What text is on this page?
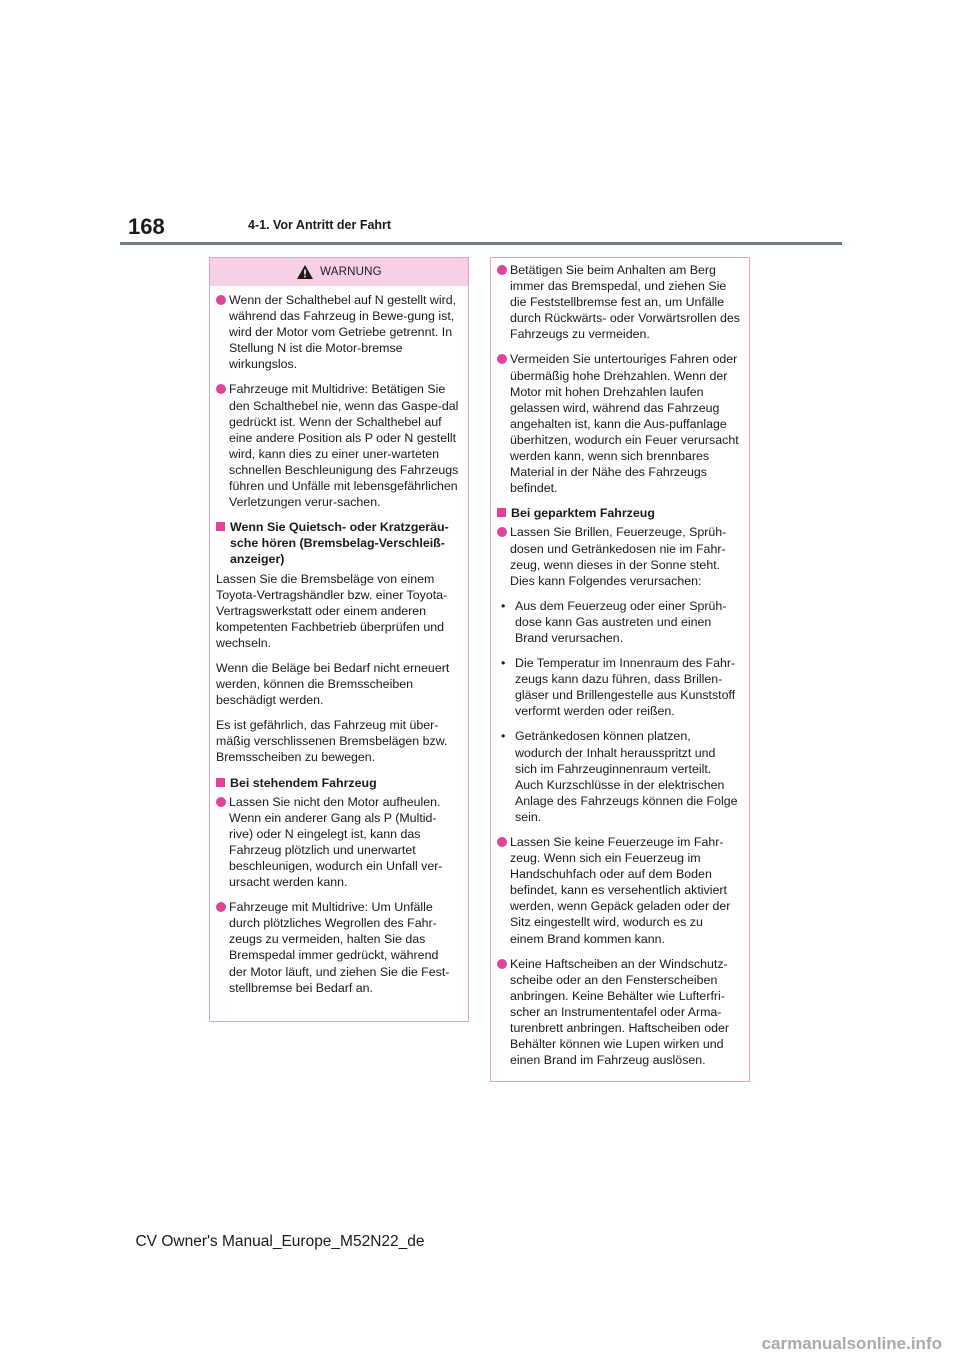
168	4-1. Vor Antritt der Fahrt
WARNUNG
Wenn der Schalthebel auf N gestellt wird, während das Fahrzeug in Bewe-gung ist, wird der Motor vom Getriebe getrennt. In Stellung N ist die Motor-bremse wirkungslos.
Fahrzeuge mit Multidrive: Betätigen Sie den Schalthebel nie, wenn das Gaspe-dal gedrückt ist. Wenn der Schalthebel auf eine andere Position als P oder N gestellt wird, kann dies zu einer uner-warteten schnellen Beschleunigung des Fahrzeugs führen und Unfälle mit lebensgefährlichen Verletzungen verur-sachen.
Wenn Sie Quietsch- oder Kratzgeräu-sche hören (Bremsbelag-Verschleiß-anzeiger)
Lassen Sie die Bremsbeläge von einem Toyota-Vertragshändler bzw. einer Toyota-Vertragswerkstatt oder einem anderen kompetenten Fachbetrieb überprüfen und wechseln.
Wenn die Beläge bei Bedarf nicht erneuert werden, können die Bremsscheiben beschädigt werden.
Es ist gefährlich, das Fahrzeug mit über-mäßig verschlissenen Bremsbelägen bzw. Bremsscheiben zu bewegen.
Bei stehendem Fahrzeug
Lassen Sie nicht den Motor aufheulen. Wenn ein anderer Gang als P (Multid-rive) oder N eingelegt ist, kann das Fahrzeug plötzlich und unerwartet beschleunigen, wodurch ein Unfall ver-ursacht werden kann.
Fahrzeuge mit Multidrive: Um Unfälle durch plötzliches Wegrollen des Fahr-zeugs zu vermeiden, halten Sie das Bremspedal immer gedrückt, während der Motor läuft, und ziehen Sie die Fest-stellbremse bei Bedarf an.
Betätigen Sie beim Anhalten am Berg immer das Bremspedal, und ziehen Sie die Feststellbremse fest an, um Unfälle durch Rückwärts- oder Vorwärtsrollen des Fahrzeugs zu vermeiden.
Vermeiden Sie untertouriges Fahren oder übermäßig hohe Drehzahlen. Wenn der Motor mit hohen Drehzahlen laufen gelassen wird, während das Fahrzeug angehalten ist, kann die Aus-puffanlage überhitzen, wodurch ein Feuer verursacht werden kann, wenn sich brennbares Material in der Nähe des Fahrzeugs befindet.
Bei geparktem Fahrzeug
Lassen Sie Brillen, Feuerzeuge, Sprüh-dosen und Getränkedosen nie im Fahr-zeug, wenn dieses in der Sonne steht. Dies kann Folgendes verursachen:
• Aus dem Feuerzeug oder einer Sprüh-dose kann Gas austreten und einen Brand verursachen.
• Die Temperatur im Innenraum des Fahr-zeugs kann dazu führen, dass Brillen-gläser und Brillengestelle aus Kunststoff verformt werden oder reißen.
• Getränkedosen können platzen, wodurch der Inhalt herausspritzt und sich im Fahrzeuginnenraum verteilt. Auch Kurzschlüsse in der elektrischen Anlage des Fahrzeugs können die Folge sein.
Lassen Sie keine Feuerzeuge im Fahr-zeug. Wenn sich ein Feuerzeug im Handschuhfach oder auf dem Boden befindet, kann es versehentlich aktiviert werden, wenn Gepäck geladen oder der Sitz eingestellt wird, wodurch es zu einem Brand kommen kann.
Keine Haftscheiben an der Windschutz-scheibe oder an den Fensterscheiben anbringen. Keine Behälter wie Lufterfri-scher an Instrumententafel oder Arma-turenbrett anbringen. Haftscheiben oder Behälter können wie Lupen wirken und einen Brand im Fahrzeug auslösen.
CV Owner's Manual_Europe_M52N22_de
carmanualsonline.info
